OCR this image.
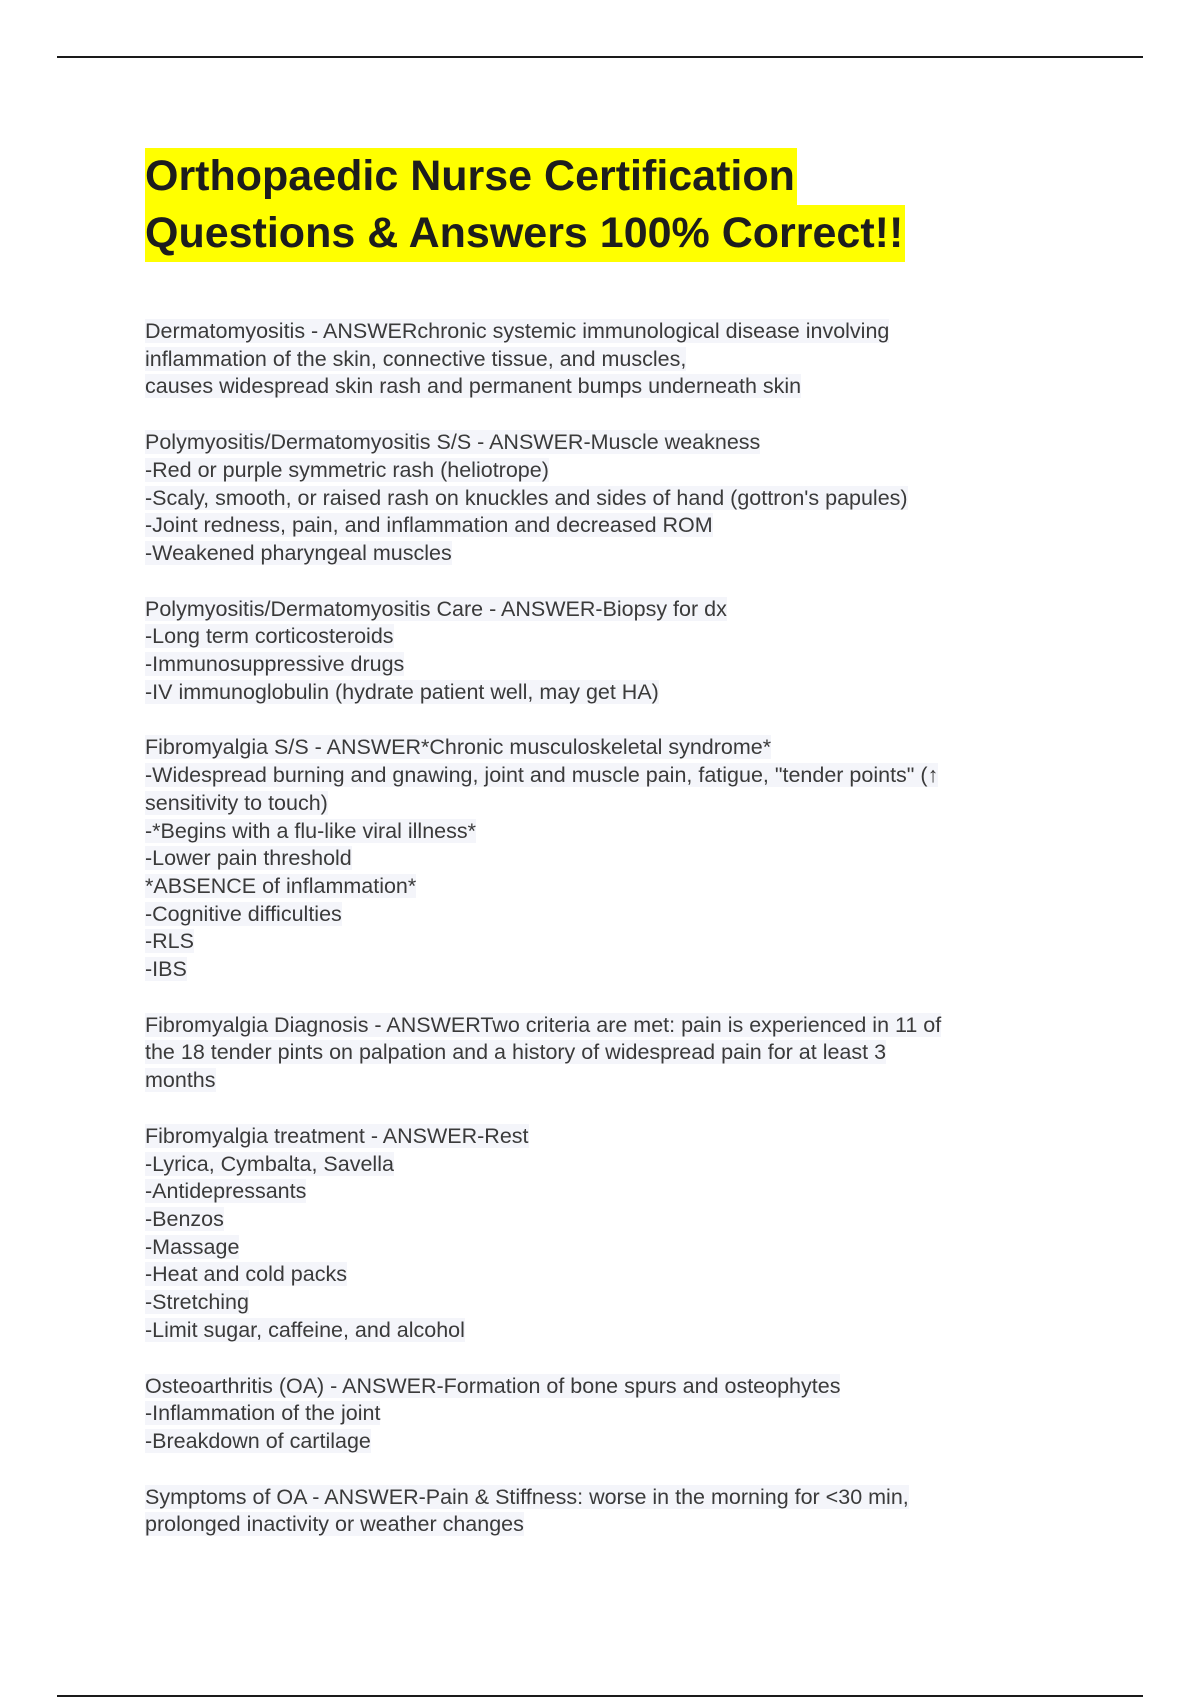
Orthopaedic Nurse Certification
Questions & Answers 100% Correct!!
Dermatomyositis - ANSWERchronic systemic immunological disease involving
inflammation of the skin, connective tissue, and muscles,
causes widespread skin rash and permanent bumps underneath skin
Polymyositis/Dermatomyositis S/S - ANSWER-Muscle weakness
-Red or purple symmetric rash (heliotrope)
-Scaly, smooth, or raised rash on knuckles and sides of hand (gottron's papules)
-Joint redness, pain, and inflammation and decreased ROM
-Weakened pharyngeal muscles
Polymyositis/Dermatomyositis Care - ANSWER-Biopsy for dx
-Long term corticosteroids
-Immunosuppressive drugs
-IV immunoglobulin (hydrate patient well, may get HA)
Fibromyalgia S/S - ANSWER*Chronic musculoskeletal syndrome*
-Widespread burning and gnawing, joint and muscle pain, fatigue, "tender points" (↑
sensitivity to touch)
-*Begins with a flu-like viral illness*
-Lower pain threshold
*ABSENCE of inflammation*
-Cognitive difficulties
-RLS
-IBS
Fibromyalgia Diagnosis - ANSWERTwo criteria are met: pain is experienced in 11 of
the 18 tender pints on palpation and a history of widespread pain for at least 3
months
Fibromyalgia treatment - ANSWER-Rest
-Lyrica, Cymbalta, Savella
-Antidepressants
-Benzos
-Massage
-Heat and cold packs
-Stretching
-Limit sugar, caffeine, and alcohol
Osteoarthritis (OA) - ANSWER-Formation of bone spurs and osteophytes
-Inflammation of the joint
-Breakdown of cartilage
Symptoms of OA - ANSWER-Pain & Stiffness: worse in the morning for <30 min,
prolonged inactivity or weather changes
